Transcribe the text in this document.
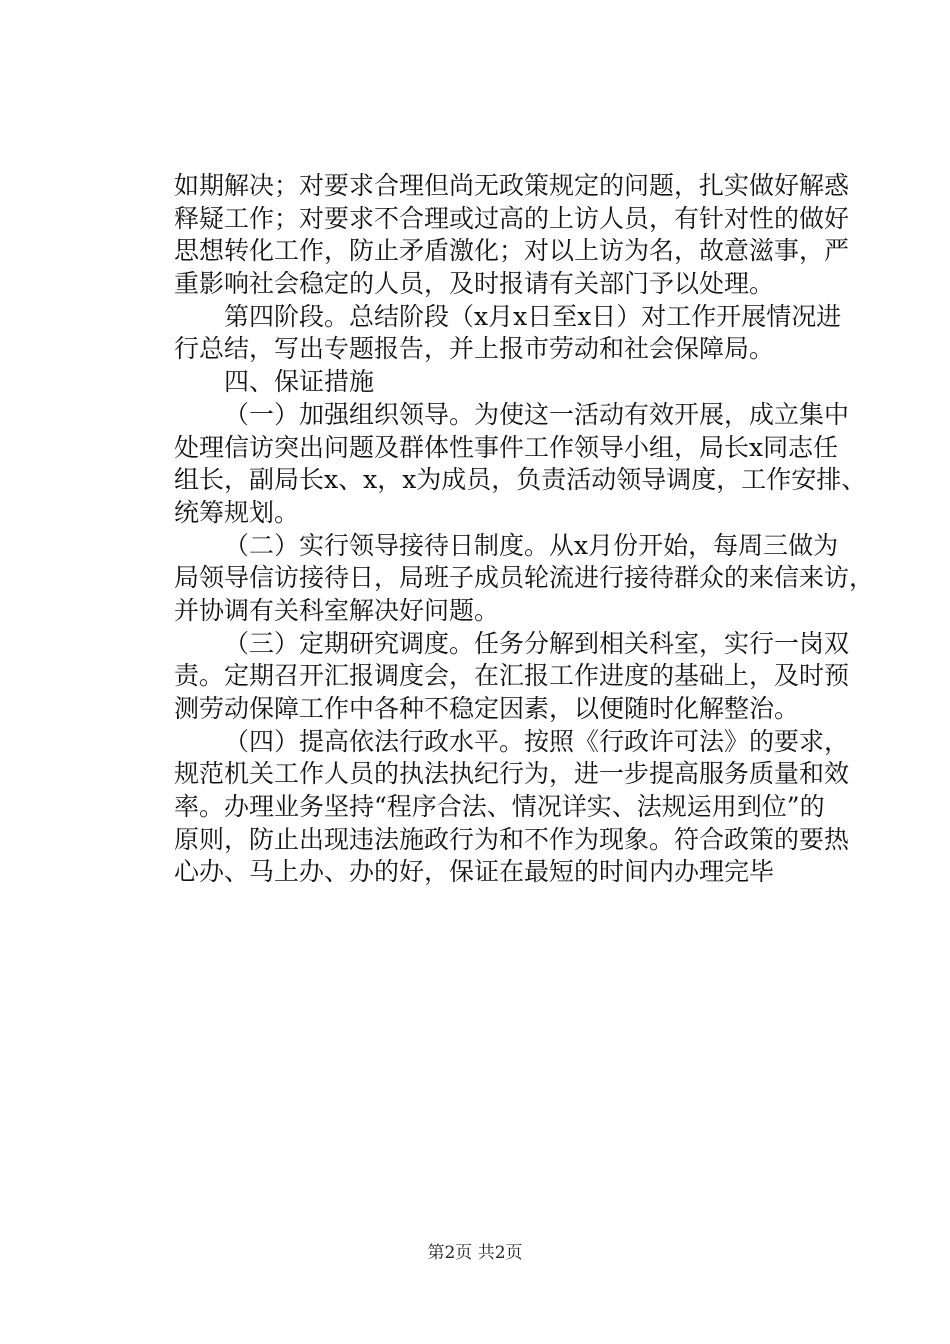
如期解决；对要求合理但尚无政策规定的问题，扎实做好解惑
释疑工作；对要求不合理或过高的上访人员，有针对性的做好
思想转化工作，防止矛盾激化；对以上访为名，故意滋事，严
重影响社会稳定的人员，及时报请有关部门予以处理。
第四阶段。总结阶段（x月x日至x日）对工作开展情况进
行总结，写出专题报告，并上报市劳动和社会保障局。
四、保证措施
（一）加强组织领导。为使这一活动有效开展，成立集中
处理信访突出问题及群体性事件工作领导小组，局长x同志任
组长，副局长x、x，x为成员，负责活动领导调度，工作安排、
统筹规划。
（二）实行领导接待日制度。从x月份开始，每周三做为
局领导信访接待日，局班子成员轮流进行接待群众的来信来访，
并协调有关科室解决好问题。
（三）定期研究调度。任务分解到相关科室，实行一岗双
责。定期召开汇报调度会，在汇报工作进度的基础上，及时预
测劳动保障工作中各种不稳定因素，以便随时化解整治。
（四）提高依法行政水平。按照《行政许可法》的要求，
规范机关工作人员的执法执纪行为，进一步提高服务质量和效
率。办理业务坚持“程序合法、情况详实、法规运用到位”的
原则，防止出现违法施政行为和不作为现象。符合政策的要热
心办、马上办、办的好，保证在最短的时间内办理完毕
第2页 共2页
